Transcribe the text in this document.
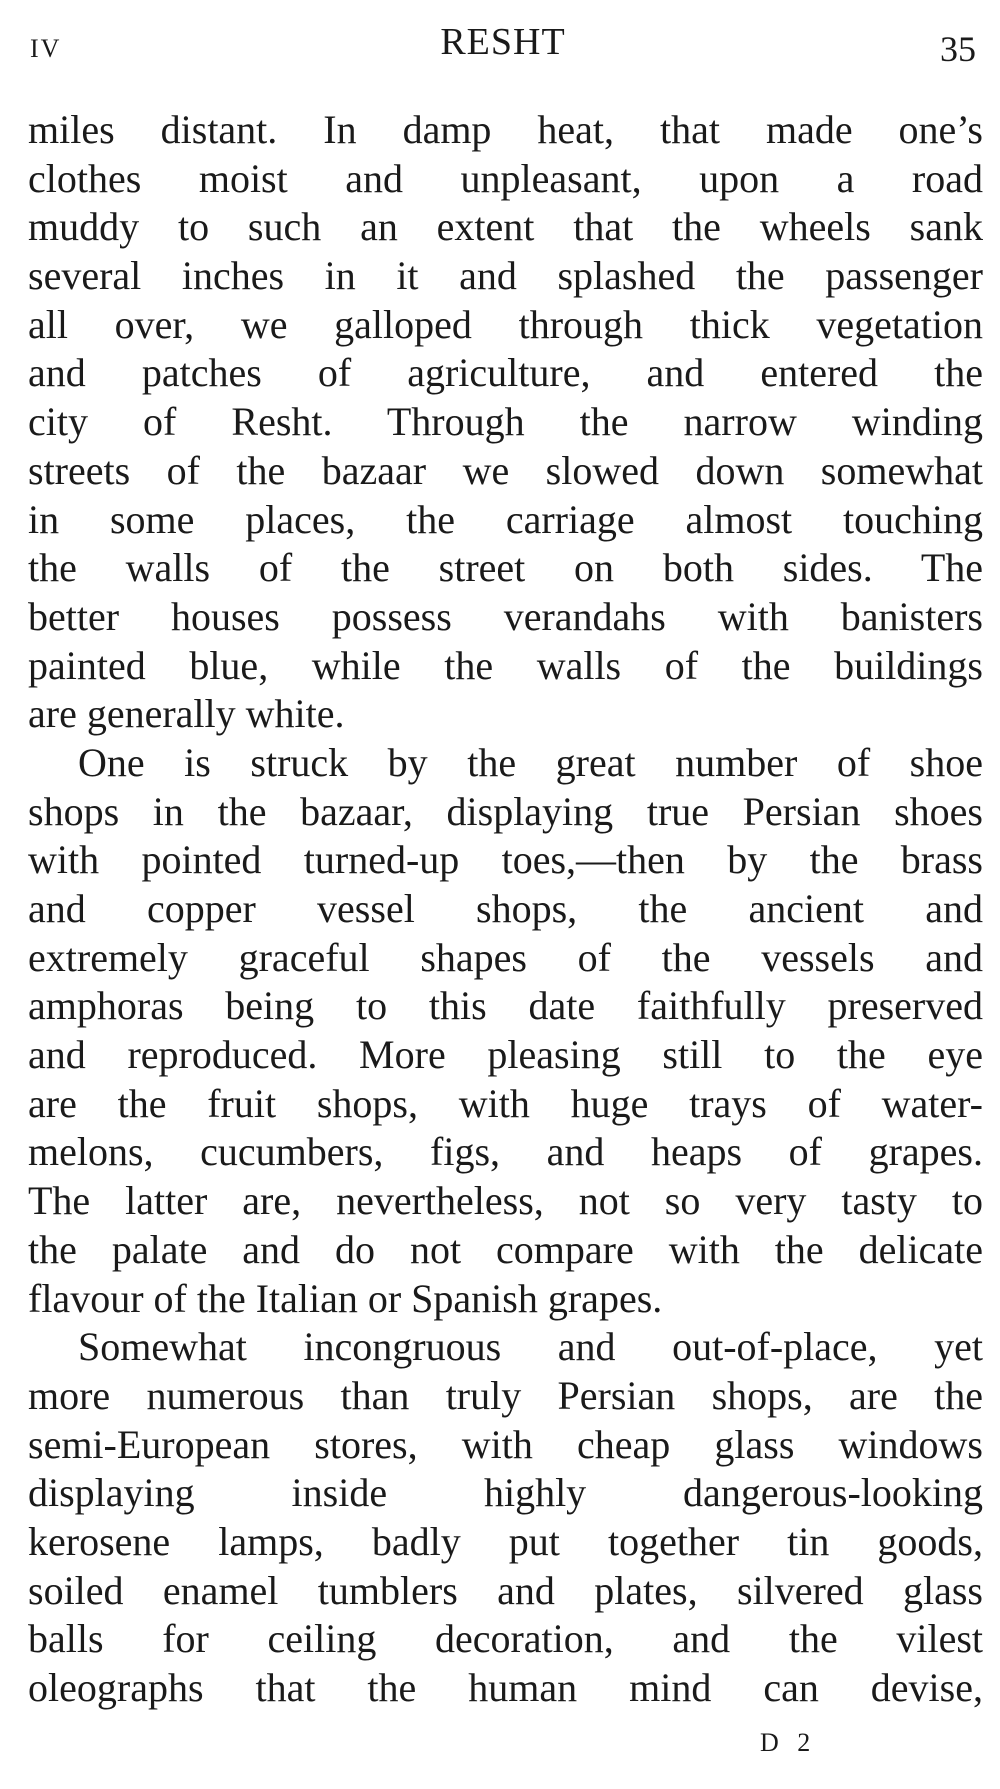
IV	RESHT	35
miles distant. In damp heat, that made one’s
clothes moist and unpleasant, upon a road
muddy to such an extent that the wheels sank
several inches in it and splashed the passenger
all over, we galloped through thick vegetation
and patches of agriculture, and entered the
city of Resht. Through the narrow winding
streets of the bazaar we slowed down somewhat
in some places, the carriage almost touching
the walls of the street on both sides. The
better houses possess verandahs with banisters
painted blue, while the walls of the buildings
are generally white.
One is struck by the great number of shoe
shops in the bazaar, displaying true Persian shoes
with pointed turned-up toes,—then by the brass
and copper vessel shops, the ancient and
extremely graceful shapes of the vessels and
amphoras being to this date faithfully preserved
and reproduced. More pleasing still to the eye
are the fruit shops, with huge trays of water-
melons, cucumbers, figs, and heaps of grapes.
The latter are, nevertheless, not so very tasty to
the palate and do not compare with the delicate
flavour of the Italian or Spanish grapes.
Somewhat incongruous and out-of-place, yet
more numerous than truly Persian shops, are the
semi-European stores, with cheap glass windows
displaying inside highly dangerous-looking
kerosene lamps, badly put together tin goods,
soiled enamel tumblers and plates, silvered glass
balls for ceiling decoration, and the vilest
oleographs that the human mind can devise,
D 2
